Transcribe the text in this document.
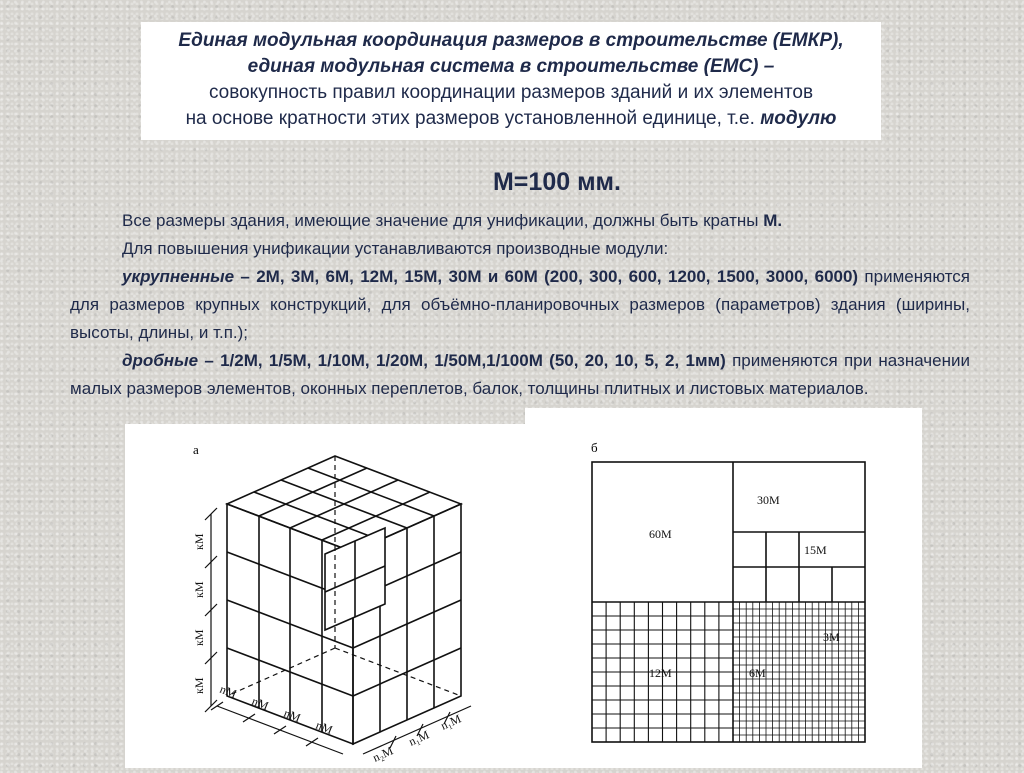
Единая модульная координация размеров в строительстве (ЕМКР),
единая модульная система в строительстве (ЕМС) –
совокупность правил координации размеров зданий и их элементов
на основе кратности этих размеров установленной единице, т.е. модулю
М=100 мм.

Все размеры здания, имеющие значение для унификации, должны быть кратны М.

Для повышения унификации устанавливаются производные модули:

укрупненные – 2М, 3М, 6М, 12М, 15М, 30М и 60М (200, 300, 600, 1200, 1500, 3000, 6000) применяются для размеров крупных конструкций, для объёмно-планировочных размеров (параметров) здания (ширины, высоты, длины, и т.п.);

дробные – 1/2М, 1/5М, 1/10М, 1/20М, 1/50М,1/100М (50, 20, 10, 5, 2, 1мм) применяются при назначении малых размеров элементов, оконных переплетов, балок, толщины плитных и листовых материалов.

а
кМ
кМ
кМ
кМ nM
nM
nM
nM
n₂M
n₁M
n₁M
б
60M
30M
15M
12M	6M
3M
